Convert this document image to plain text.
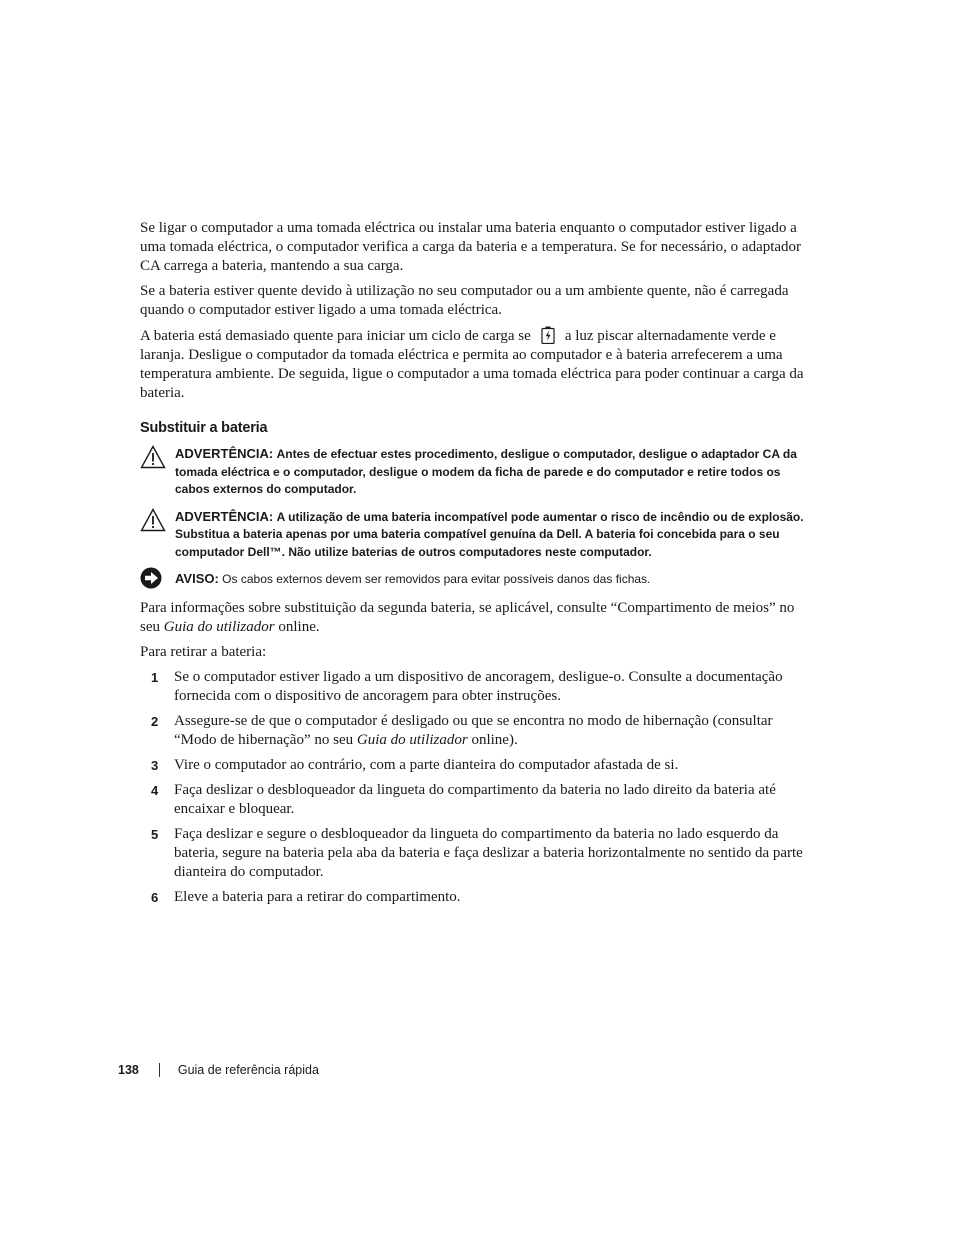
Se ligar o computador a uma tomada eléctrica ou instalar uma bateria enquanto o computador estiver ligado a uma tomada eléctrica, o computador verifica a carga da bateria e a temperatura. Se for necessário, o adaptador CA carrega a bateria, mantendo a sua carga.

Se a bateria estiver quente devido à utilização no seu computador ou a um ambiente quente, não é carregada quando o computador estiver ligado a uma tomada eléctrica.

A bateria está demasiado quente para iniciar um ciclo de carga se a luz piscar alternadamente verde e laranja. Desligue o computador da tomada eléctrica e permita ao computador e à bateria arrefecerem a uma temperatura ambiente. De seguida, ligue o computador a uma tomada eléctrica para poder continuar a carga da bateria.

Substituir a bateria
ADVERTÊNCIA: Antes de efectuar estes procedimento, desligue o computador, desligue o adaptador CA da tomada eléctrica e o computador, desligue o modem da ficha de parede e do computador e retire todos os cabos externos do computador.
ADVERTÊNCIA: A utilização de uma bateria incompatível pode aumentar o risco de incêndio ou de explosão. Substitua a bateria apenas por uma bateria compatível genuína da Dell. A bateria foi concebida para o seu computador Dell™. Não utilize baterias de outros computadores neste computador.
AVISO: Os cabos externos devem ser removidos para evitar possíveis danos das fichas.

Para informações sobre substituição da segunda bateria, se aplicável, consulte “Compartimento de meios” no seu Guia do utilizador online.

Para retirar a bateria:

1 Se o computador estiver ligado a um dispositivo de ancoragem, desligue-o. Consulte a documentação fornecida com o dispositivo de ancoragem para obter instruções.
2 Assegure-se de que o computador é desligado ou que se encontra no modo de hibernação (consultar “Modo de hibernação” no seu Guia do utilizador online).
3 Vire o computador ao contrário, com a parte dianteira do computador afastada de si.
4 Faça deslizar o desbloqueador da lingueta do compartimento da bateria no lado direito da bateria até encaixar e bloquear.
5 Faça deslizar e segure o desbloqueador da lingueta do compartimento da bateria no lado esquerdo da bateria, segure na bateria pela aba da bateria e faça deslizar a bateria horizontalmente no sentido da parte dianteira do computador.
6 Eleve a bateria para a retirar do compartimento.
138	Guia de referência rápida
